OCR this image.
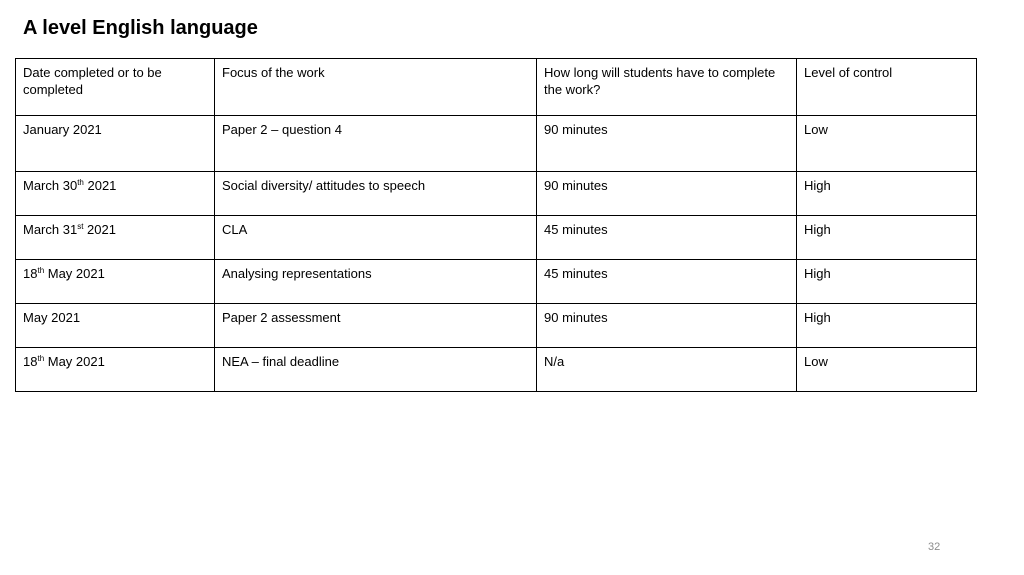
A level English language
Date completed or to be completed	Focus of the work	How long will students have to complete the work?	Level of control
January 2021	Paper 2 – question 4	90 minutes	Low
March 30th 2021	Social diversity/ attitudes to speech	90 minutes	High
March 31st 2021	CLA	45 minutes	High
18th May 2021	Analysing representations	45 minutes	High
May 2021	Paper 2 assessment	90 minutes	High
18th May 2021	NEA – final deadline	N/a	Low
32
